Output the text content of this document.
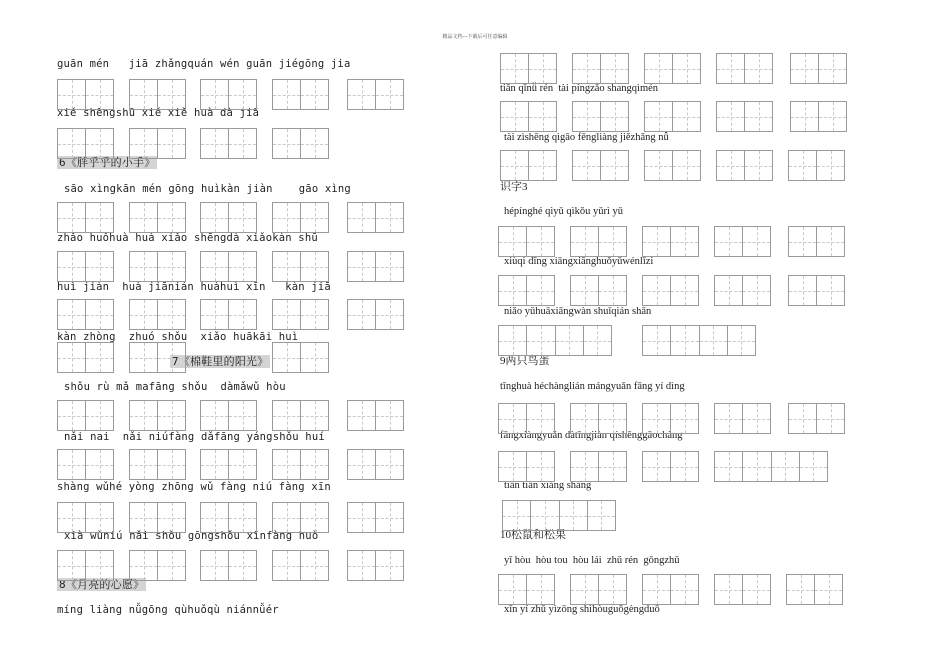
精品文档---下载后可任意编辑
guān mén   jiā zhǎngquán wén guān jiégōng jia
xiě shēngshū xiě xiě huà dà jiā
6《胖乎乎的小手》
sāo xìngkān mén gōng huìkàn jiàn    gāo xìng
zhǎo huǒhuà huà xiǎo shēngdà xiǎokàn shū
huì jiàn  huà jiānián huàhuì xīn   kàn jiā
kàn zhòng  zhuó shǒu  xiǎo huākāi huì
7《棉鞋里的阳光》
shǒu rù mǎ mafāng shǒu  dàmǎwǔ hòu
nǎi nai  nǎi niúfàng dǎfāng yángshǒu huí
shàng wǔhé yòng zhōng wǔ fàng niú fàng xīn
xià wǔniú nǎi shǒu gōngshǒu xīnfàng huǒ
8《月亮的心愿》
míng liàng nǚgōng qùhuǒqù niánnǚér
tiān qīnǚ rén  tài píngzǎo shangqìmén
tài zìshēng qìgāo fēngliàng jiězhǎng nǚ
识字3
hépínghé qìyǔ qìkǒu yǔrì yǔ
xiùqi dīng xiāngxiānghuǒyǔwénlǐzi
niǎo yǔhuāxiāngwàn shuǐqián shān
9两只鸟蛋
tīnghuà héchànglián mángyuǎn fāng yí dìng
fāngxiàngyuǎn dàtīngjiàn qíshēnggāochàng
tiān tiān xiàng shàng
10松鼠和松果
yī hòu  hòu tou  hòu lái  zhǔ rén  gōngzhǔ
xīn yí zhǔ yìzōng shìhòuguǒgèngduō
